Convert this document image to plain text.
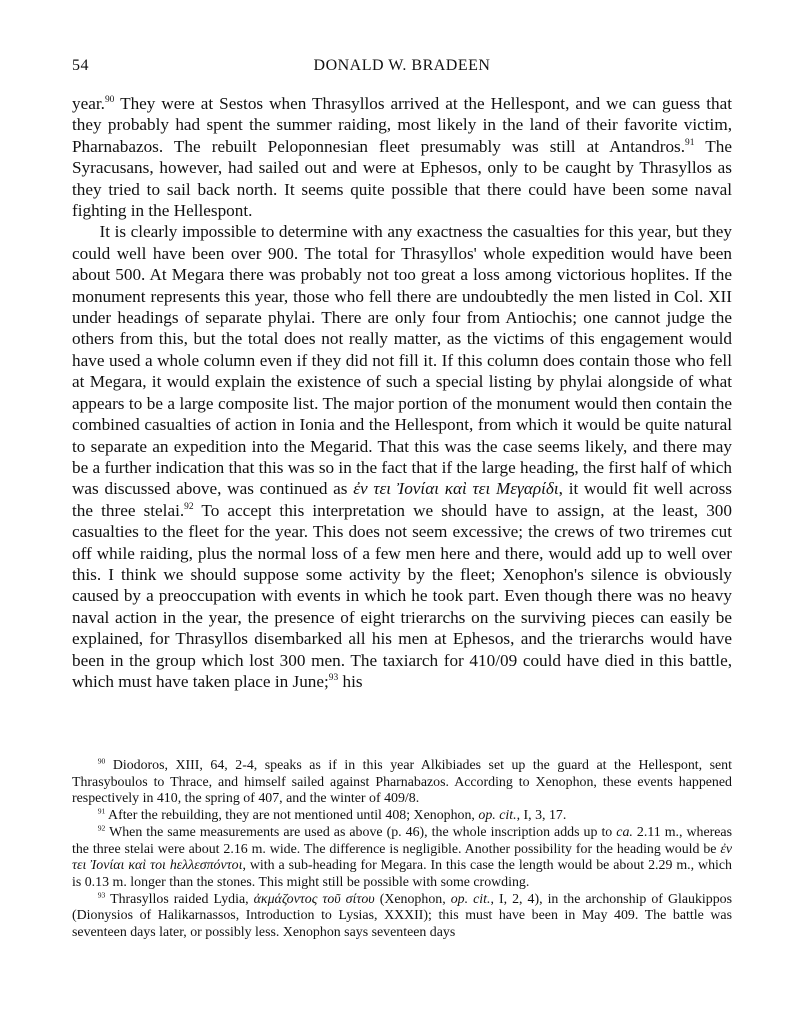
54	DONALD W. BRADEEN

year.$^{90}$ They were at Sestos when Thrasyllos arrived at the Hellespont, and we can guess that they probably had spent the summer raiding, most likely in the land of their favorite victim, Pharnabazos. The rebuilt Peloponnesian fleet presumably was still at Antandros.$^{91}$ The Syracusans, however, had sailed out and were at Ephesos, only to be caught by Thrasyllos as they tried to sail back north. It seems quite possible that there could have been some naval fighting in the Hellespont.

It is clearly impossible to determine with any exactness the casualties for this year, but they could well have been over 900. The total for Thrasyllos' whole expedition would have been about 500. At Megara there was probably not too great a loss among victorious hoplites. If the monument represents this year, those who fell there are undoubtedly the men listed in Col. XII under headings of separate phylai. There are only four from Antiochis; one cannot judge the others from this, but the total does not really matter, as the victims of this engagement would have used a whole column even if they did not fill it. If this column does contain those who fell at Megara, it would explain the existence of such a special listing by phylai alongside of what appears to be a large composite list. The major portion of the monument would then contain the combined casualties of action in Ionia and the Hellespont, from which it would be quite natural to separate an expedition into the Megarid. That this was the case seems likely, and there may be a further indication that this was so in the fact that if the large heading, the first half of which was discussed above, was continued as ἐν τει Ἰονίαι καὶ τει Μεγαρίδι, it would fit well across the three stelai.$^{92}$ To accept this interpretation we should have to assign, at the least, 300 casualties to the fleet for the year. This does not seem excessive; the crews of two triremes cut off while raiding, plus the normal loss of a few men here and there, would add up to well over this. I think we should suppose some activity by the fleet; Xenophon's silence is obviously caused by a preoccupation with events in which he took part. Even though there was no heavy naval action in the year, the presence of eight trierarchs on the surviving pieces can easily be explained, for Thrasyllos disembarked all his men at Ephesos, and the trierarchs would have been in the group which lost 300 men. The taxiarch for 410/09 could have died in this battle, which must have taken place in June;$^{93}$ his

$^{90}$ Diodoros, XIII, 64, 2-4, speaks as if in this year Alkibiades set up the guard at the Hellespont, sent Thrasyboulos to Thrace, and himself sailed against Pharnabazos. According to Xenophon, these events happened respectively in 410, the spring of 407, and the winter of 409/8.

$^{91}$ After the rebuilding, they are not mentioned until 408; Xenophon, op. cit., I, 3, 17.

$^{92}$ When the same measurements are used as above (p. 46), the whole inscription adds up to ca. 2.11 m., whereas the three stelai were about 2.16 m. wide. The difference is negligible. Another possibility for the heading would be ἐν τει Ἰονίαι καὶ τοι hελλεσπόντοι, with a sub-heading for Megara. In this case the length would be about 2.29 m., which is 0.13 m. longer than the stones. This might still be possible with some crowding.

$^{93}$ Thrasyllos raided Lydia, ἀκμάζοντος τοῦ σίτου (Xenophon, op. cit., I, 2, 4), in the archonship of Glaukippos (Dionysios of Halikarnassos, Introduction to Lysias, XXXII); this must have been in May 409. The battle was seventeen days later, or possibly less. Xenophon says seventeen days
